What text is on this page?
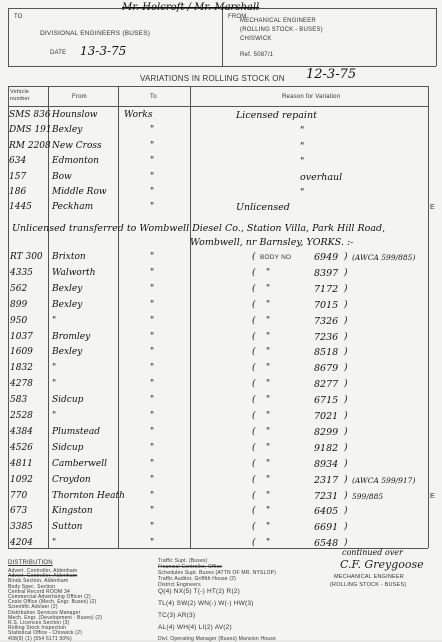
TO	FROM
Mr. Holcroft / Mr. Marshall
DIVISIONAL ENGINEERS (BUSES)
DATE 13-3-75
MECHANICAL ENGINEER
(ROLLING STOCK - BUSES)
CHISWICK
Ref. 5087/1
VARIATIONS IN ROLLING STOCK ON 12-3-75
Vehicle number	From	To	Reason for Variation
SMS 836 Hounslow	Works	Licensed repaint
DMS 191 Bexley	"	"
RM 2208 New Cross	"	"
634	Edmonton	"	"
157	Bow	"	overhaul
186	Middle Row	"	"
1445 Peckham	"	Unlicensed	E
Unlicensed transferred to Wombwell Diesel Co., Station Villa, Park Hill Road,
Wombwell, nr Barnsley, YORKS. :-
RT 300 Brixton	"	( BODY NO 6949 ) (AWCA 599/885)
4335 Walworth	"	( "	8397 )
562	Bexley	"	( "	7172 )
899	Bexley	"	( "	7015 )
950	"	"	( "	7326 )
1037 Bromley	"	( "	7236 )
1609 Bexley	"	( "	8518 )
1832 "	"	( "	8679 )
4278 "	"	( "	8277 )
583	Sidcup	"	( "	6715 )
2528 "	"	( "	7021 )
4384 Plumstead	"	( "	8299 )
4526 Sidcup	"	( "	9182 )
4811 Camberwell	"	( "	8934 )
1092 Croydon	"	( "	2317 ) (AWCA 599/917)
770	Thornton Heath	"	( "	7231 ) 599/885	E
673	Kingston	"	( "	6405 )
3385 Sutton	"	( "	6691 )
4204 "	"	( "	6548 )
continued over
DISTRIBUTION
Advert. Controller, Aldenham
Advert. Controller, Aldenham
Binds Section, Aldenham
Body Spec. Section
Central Record ROOM 34
Commercial Advertising Officer (2)
Costs Office (Mech. Engr. Buses) (2)
Scientific Adviser (2)
Distribution Services Manager
Mech. Engr. (Development - Buses) (2)
R.S. Licences Section (3)
Rolling Stock Inspection
Statistical Office - Chiswick (2)
408(9) (1) (554 6171 50%)
Traffic Supt. (Buses)
Financial Controller, Office
Schedules Supt. Buses (ATTN OF MR. NYSLOP)
Traffic Auditor, Griffith House (2)
District Engineers
Q(4) NX(5) T(-) HT(2) R(2)
TL(4) SW(2) WN(-) W(-) HW(3)
TC(3) AR(3)
AL(4) WH(4) LI(2) AV(2)
Divl. Operating Manager (Buses) Mansion House
C.F. Greygoose
MECHANICAL ENGINEER
(ROLLING STOCK - BUSES)
